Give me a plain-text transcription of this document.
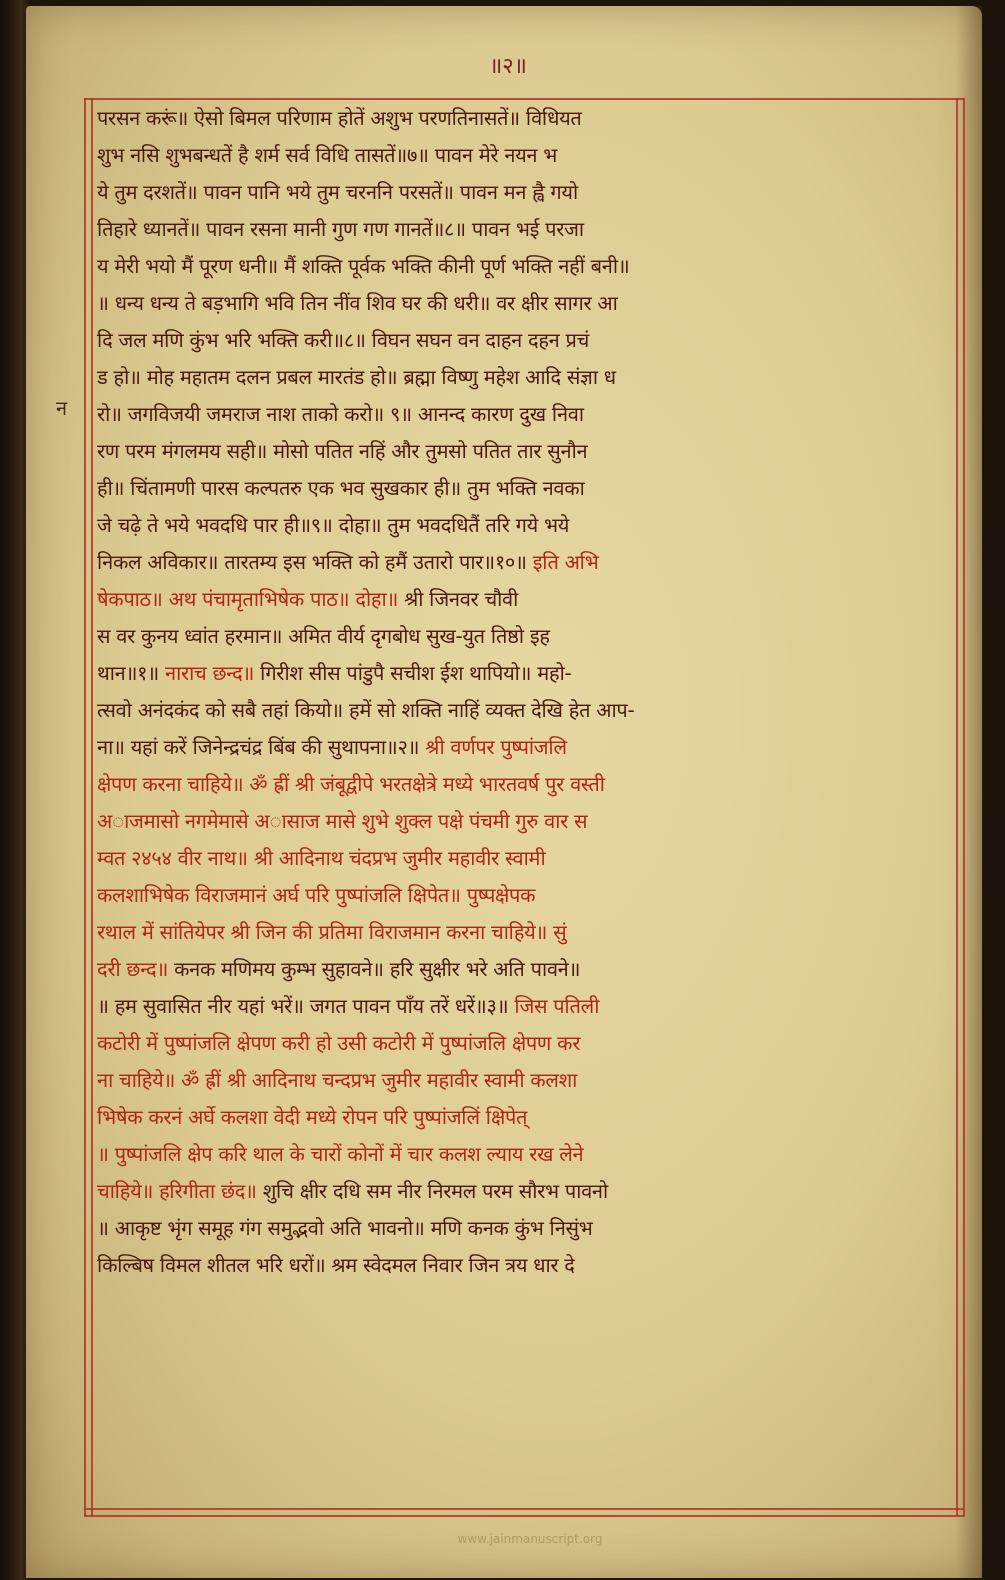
॥२॥
न
परसन करूं॥ ऐसो बिमल परिणाम होतें अशुभ परणतिनासतें॥ विधियत
शुभ नसि शुभबन्धतें है शर्म सर्व विधि तासतें॥७॥ पावन मेरे नयन भ
ये तुम दरशतें॥ पावन पानि भये तुम चरननि परसतें॥ पावन मन ह्वै गयो
तिहारे ध्यानतें॥ पावन रसना मानी गुण गण गानतें॥८॥ पावन भई परजा
य मेरी भयो मैं पूरण धनी॥ मैं शक्ति पूर्वक भक्ति कीनी पूर्ण भक्ति नहीं बनी॥
॥ धन्य धन्य ते बड़भागि भवि तिन नींव शिव घर की धरी॥ वर क्षीर सागर आ
दि जल मणि कुंभ भरि भक्ति करी॥८॥ विघन सघन वन दाहन दहन प्रचं
ड हो॥ मोह महातम दलन प्रबल मारतंड हो॥ ब्रह्मा विष्णु महेश आदि संज्ञा ध
रो॥ जगविजयी जमराज नाश ताको करो॥ ९॥ आनन्द कारण दुख निवा
रण परम मंगलमय सही॥ मोसो पतित नहिं और तुमसो पतित तार सुनौन
ही॥ चिंतामणी पारस कल्पतरु एक भव सुखकार ही॥ तुम भक्ति नवका
जे चढ़े ते भये भवदधि पार ही॥९॥ दोहा॥ तुम भवदधितैं तरि गये भये
निकल अविकार॥ तारतम्य इस भक्ति को हमैं उतारो पार॥१०॥ इति अभि
षेकपाठ॥ अथ पंचामृताभिषेक पाठ॥ दोहा॥ श्री जिनवर चौवी
स वर कुनय ध्वांत हरमान॥ अमित वीर्य दृगबोध सुख-युत तिष्ठो इह
थान॥१॥ नाराच छन्द॥ गिरीश सीस पांडुपै सचीश ईश थापियो॥ महो-
त्सवो अनंदकंद को सबै तहां कियो॥ हमें सो शक्ति नाहिं व्यक्त देखि हेत आप-
ना॥ यहां करें जिनेन्द्रचंद्र बिंब की सुथापना॥२॥ श्री वर्णपर पुष्पांजलि
क्षेपण करना चाहिये॥ ॐ ह्रीं श्री जंबूद्वीपे भरतक्षेत्रे मध्ये भारतवर्ष पुर वस्ती
अाजमासो नगमेमासे अासाज मासे शुभे शुक्ल पक्षे पंचमी गुरु वार स
म्वत २४५४ वीर नाथ॥ श्री आदिनाथ चंदप्रभ जुमीर महावीर स्वामी
कलशाभिषेक विराजमानं अर्घ परि पुष्पांजलि क्षिपेत॥ पुष्पक्षेपक
रथाल में सांतियेपर श्री जिन की प्रतिमा विराजमान करना चाहिये॥ सुं
दरी छन्द॥ कनक मणिमय कुम्भ सुहावने॥ हरि सुक्षीर भरे अति पावने॥
॥ हम सुवासित नीर यहां भरें॥ जगत पावन पाँय तरें धरें॥३॥ जिस पतिली
कटोरी में पुष्पांजलि क्षेपण करी हो उसी कटोरी में पुष्पांजलि क्षेपण कर
ना चाहिये॥ ॐ ह्रीं श्री आदिनाथ चन्दप्रभ जुमीर महावीर स्वामी कलशा
भिषेक करनं अर्घे कलशा वेदी मध्ये रोपन परि पुष्पांजलिं क्षिपेत्
॥ पुष्पांजलि क्षेप करि थाल के चारों कोनों में चार कलश ल्याय रख लेने
चाहिये॥ हरिगीता छंद॥ शुचि क्षीर दधि सम नीर निरमल परम सौरभ पावनो
॥ आकृष्ट भृंग समूह गंग समुद्भवो अति भावनो॥ मणि कनक कुंभ निसुंभ
किल्बिष विमल शीतल भरि धरों॥ श्रम स्वेदमल निवार जिन त्रय धार दे
www.jainmanuscript.org
